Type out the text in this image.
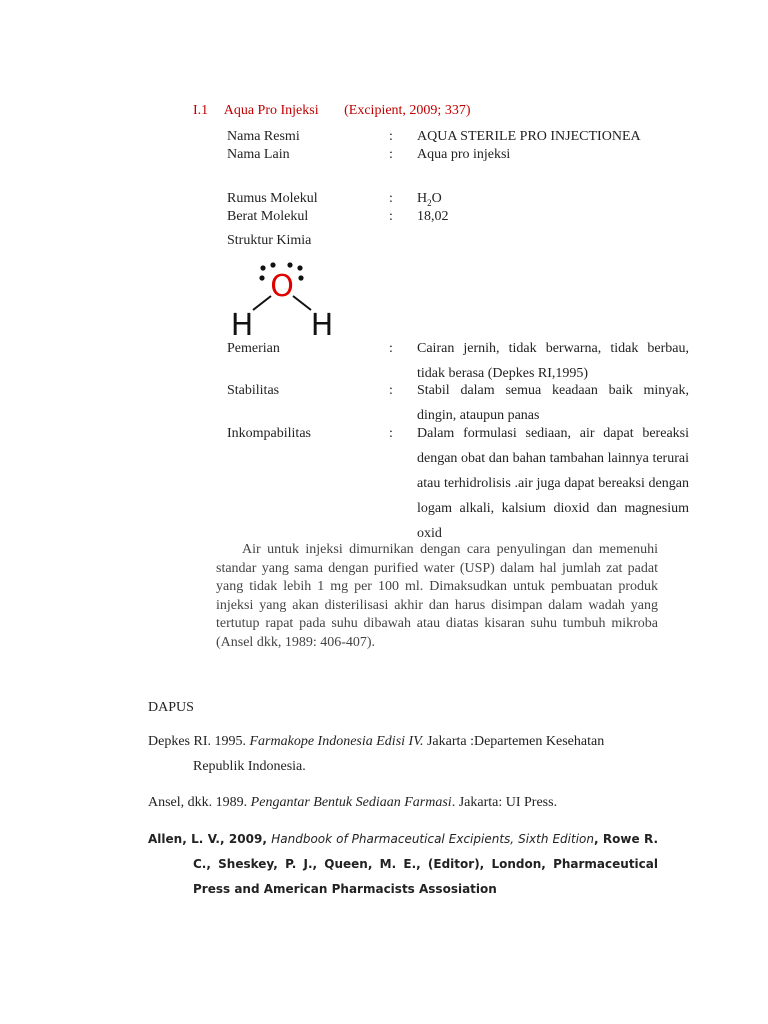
I.1 Aqua Pro Injeksi (Excipient, 2009; 337)
Nama Resmi	: AQUA STERILE PRO INJECTIONEA
Nama Lain	: Aqua pro injeksi
Rumus Molekul	: $H_2O$
Berat Molekul	: 18,02
Struktur Kimia
O
H H
Pemerian	: Cairan jernih, tidak berwarna, tidak berbau, tidak berasa (Depkes RI,1995)
Stabilitas	: Stabil dalam semua keadaan baik minyak, dingin, ataupun panas
Inkompabilitas	: Dalam formulasi sediaan, air dapat bereaksi dengan obat dan bahan tambahan lainnya terurai atau terhidrolisis .air juga dapat bereaksi dengan logam alkali, kalsium dioxid dan magnesium oxid
Air untuk injeksi dimurnikan dengan cara penyulingan dan memenuhi standar yang sama dengan purified water (USP) dalam hal jumlah zat padat yang tidak lebih 1 mg per 100 ml. Dimaksudkan untuk pembuatan produk injeksi yang akan disterilisasi akhir dan harus disimpan dalam wadah yang tertutup rapat pada suhu dibawah atau diatas kisaran suhu tumbuh mikroba (Ansel dkk, 1989: 406-407).
DAPUS
Depkes RI. 1995. Farmakope Indonesia Edisi IV. Jakarta :Departemen Kesehatan
Republik Indonesia.
Ansel, dkk. 1989. Pengantar Bentuk Sediaan Farmasi. Jakarta: UI Press.
Allen, L. V., 2009, Handbook of Pharmaceutical Excipients, Sixth Edition, Rowe R. C., Sheskey, P. J., Queen, M. E., (Editor), London, Pharmaceutical Press and American Pharmacists Assosiation
